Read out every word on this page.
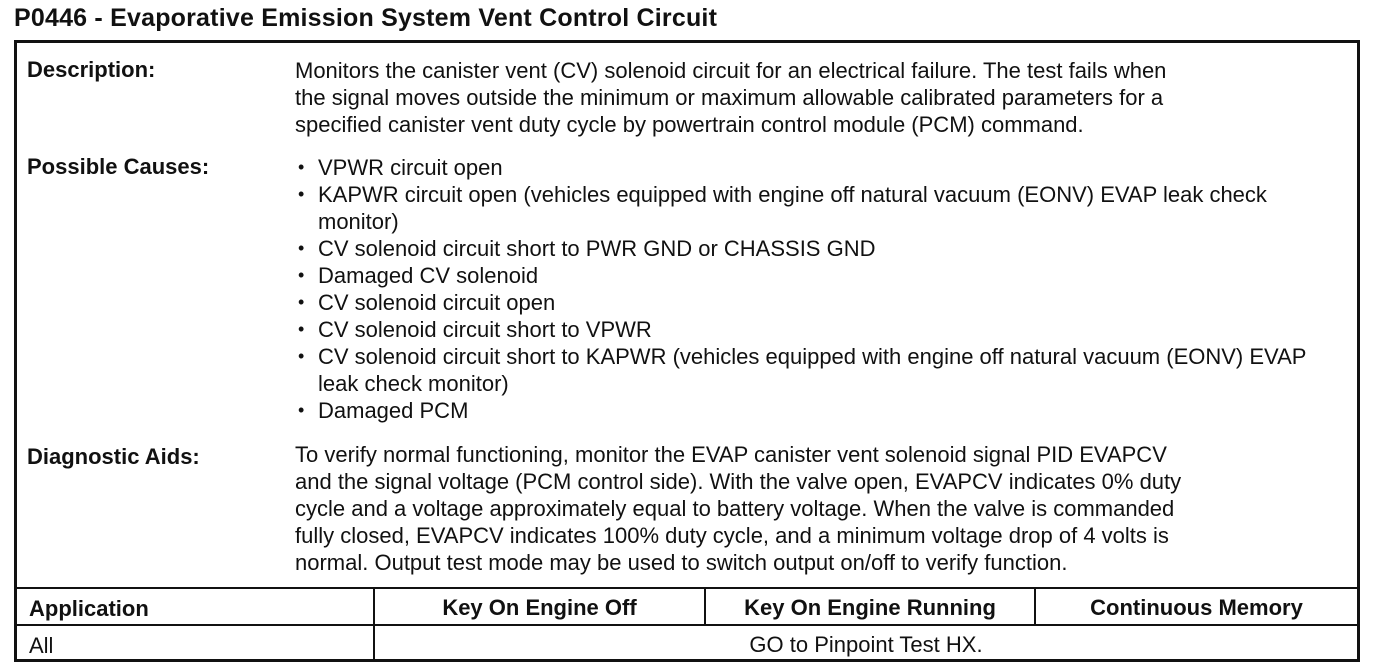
P0446 - Evaporative Emission System Vent Control Circuit
Description:	Monitors the canister vent (CV) solenoid circuit for an electrical failure. The test fails when
the signal moves outside the minimum or maximum allowable calibrated parameters for a
specified canister vent duty cycle by powertrain control module (PCM) command.
Possible Causes:
•	VPWR circuit open
• KAPWR circuit open (vehicles equipped with engine off natural vacuum (EONV) EVAP leak check monitor)
• CV solenoid circuit short to PWR GND or CHASSIS GND
• Damaged CV solenoid
• CV solenoid circuit open
• CV solenoid circuit short to VPWR
• CV solenoid circuit short to KAPWR (vehicles equipped with engine off natural vacuum (EONV) EVAP leak check monitor)
• Damaged PCM
Diagnostic Aids:	To verify normal functioning, monitor the EVAP canister vent solenoid signal PID EVAPCV
and the signal voltage (PCM control side). With the valve open, EVAPCV indicates 0% duty
cycle and a voltage approximately equal to battery voltage. When the valve is commanded
fully closed, EVAPCV indicates 100% duty cycle, and a minimum voltage drop of 4 volts is
normal. Output test mode may be used to switch output on/off to verify function.
Application	Key On Engine Off	Key On Engine Running	Continuous Memory
All	GO to Pinpoint Test HX.
